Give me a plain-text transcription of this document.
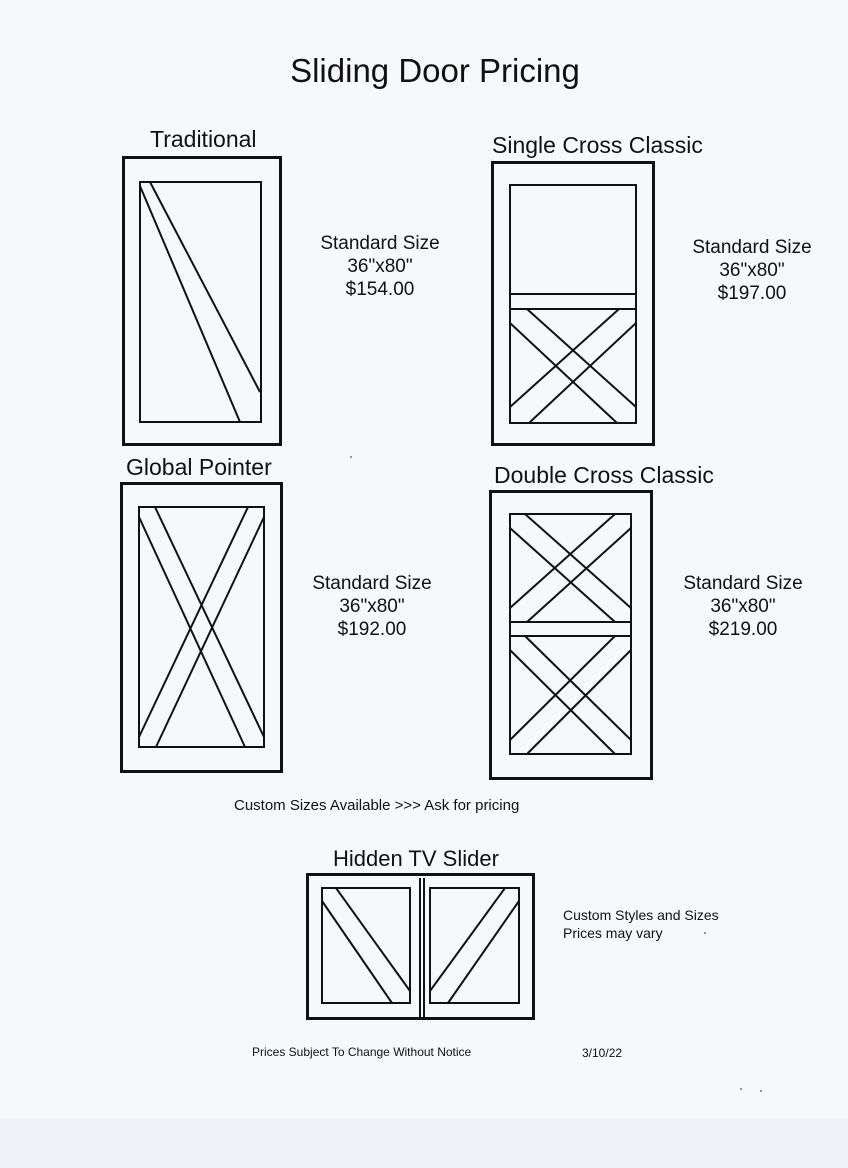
Sliding Door Pricing
Traditional
Standard Size
36"x80"
$154.00
Single Cross Classic
Standard Size
36"x80"
$197.00
Global Pointer
Standard Size
36"x80"
$192.00
Double Cross Classic
Standard Size
36"x80"
$219.00
Custom Sizes Available >>> Ask for pricing
Hidden TV Slider
Custom Styles and Sizes
Prices may vary
Prices Subject To Change Without Notice	3/10/22
